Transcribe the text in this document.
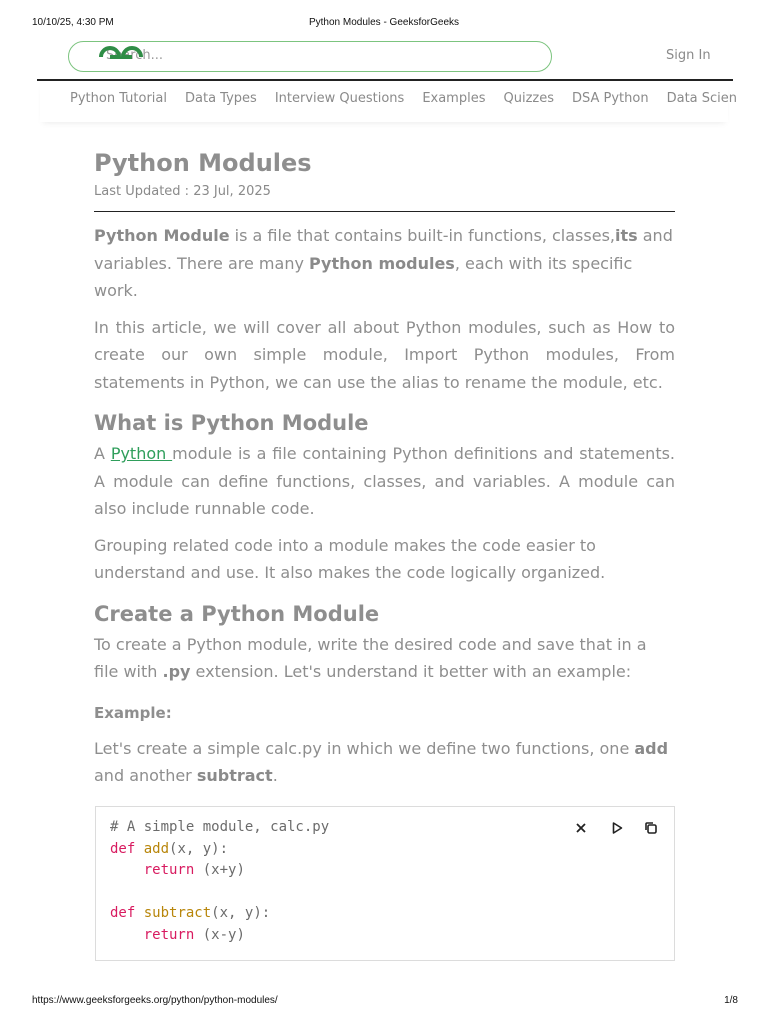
10/10/25, 4:30 PM	Python Modules - GeeksforGeeks
Search...	Sign In
Python Tutorial Data Types Interview Questions Examples Quizzes DSA Python Data Scien
Python Modules
Last Updated : 23 Jul, 2025

Python Module is a file that contains built-in functions, classes,its and variables. There are many Python modules, each with its specific work.

In this article, we will cover all about Python modules, such as How to create our own simple module, Import Python modules, From statements in Python, we can use the alias to rename the module, etc.

What is Python Module

A Python module is a file containing Python definitions and statements. A module can define functions, classes, and variables. A module can also include runnable code.

Grouping related code into a module makes the code easier to understand and use. It also makes the code logically organized.

Create a Python Module

To create a Python module, write the desired code and save that in a file with .py extension. Let's understand it better with an example:

Example:

Let's create a simple calc.py in which we define two functions, one add and another subtract.

# A simple module, calc.py
def add(x, y):
return (x+y)

def subtract(x, y):
return (x-y)
https://www.geeksforgeeks.org/python/python-modules/	1/8
